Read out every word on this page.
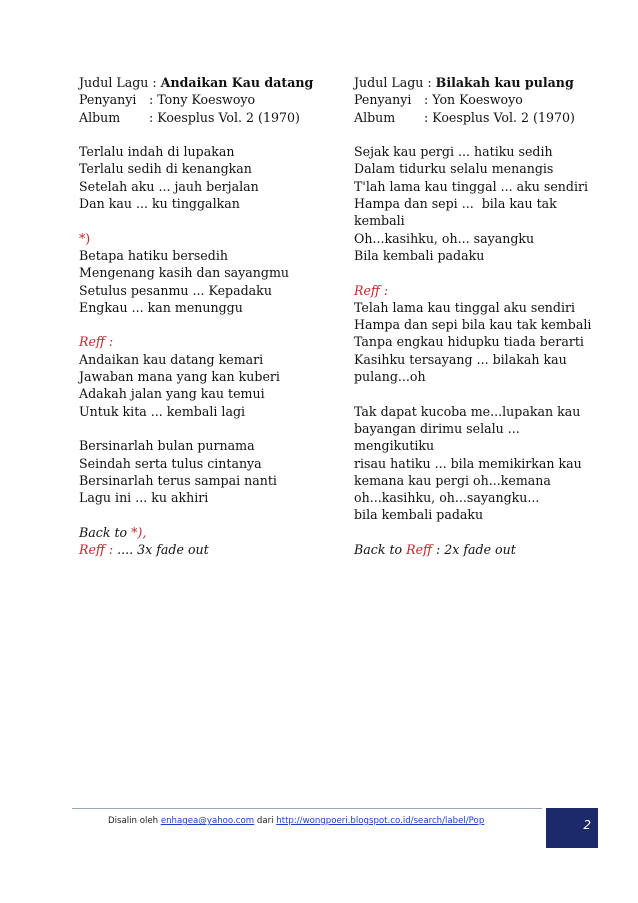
Judul Lagu : Andaikan Kau datang
Penyanyi : Tony Koeswoyo
Album : Koesplus Vol. 2 (1970)
Terlalu indah di lupakan
Terlalu sedih di kenangkan
Setelah aku ... jauh berjalan
Dan kau ... ku tinggalkan
*)
Betapa hatiku bersedih
Mengenang kasih dan sayangmu
Setulus pesanmu ... Kepadaku
Engkau ... kan menunggu
Reff :
Andaikan kau datang kemari
Jawaban mana yang kan kuberi
Adakah jalan yang kau temui
Untuk kita ... kembali lagi
Bersinarlah bulan purnama
Seindah serta tulus cintanya
Bersinarlah terus sampai nanti
Lagu ini ... ku akhiri
Back to *),
Reff : .... 3x fade out
Judul Lagu : Bilakah kau pulang
Penyanyi : Yon Koeswoyo
Album : Koesplus Vol. 2 (1970)
Sejak kau pergi ... hatiku sedih
Dalam tidurku selalu menangis
T'lah lama kau tinggal ... aku sendiri
Hampa dan sepi ...  bila kau tak
kembali
Oh...kasihku, oh... sayangku
Bila kembali padaku
Reff :
Telah lama kau tinggal aku sendiri
Hampa dan sepi bila kau tak kembali
Tanpa engkau hidupku tiada berarti
Kasihku tersayang ... bilakah kau
pulang...oh
Tak dapat kucoba me...lupakan kau
bayangan dirimu selalu ...
mengikutiku
risau hatiku ... bila memikirkan kau
kemana kau pergi oh...kemana
oh...kasihku, oh...sayangku...
bila kembali padaku
Back to Reff : 2x fade out
Disalin oleh enhagea@yahoo.com dari http://wongpoeri.blogspot.co.id/search/label/Pop	2
